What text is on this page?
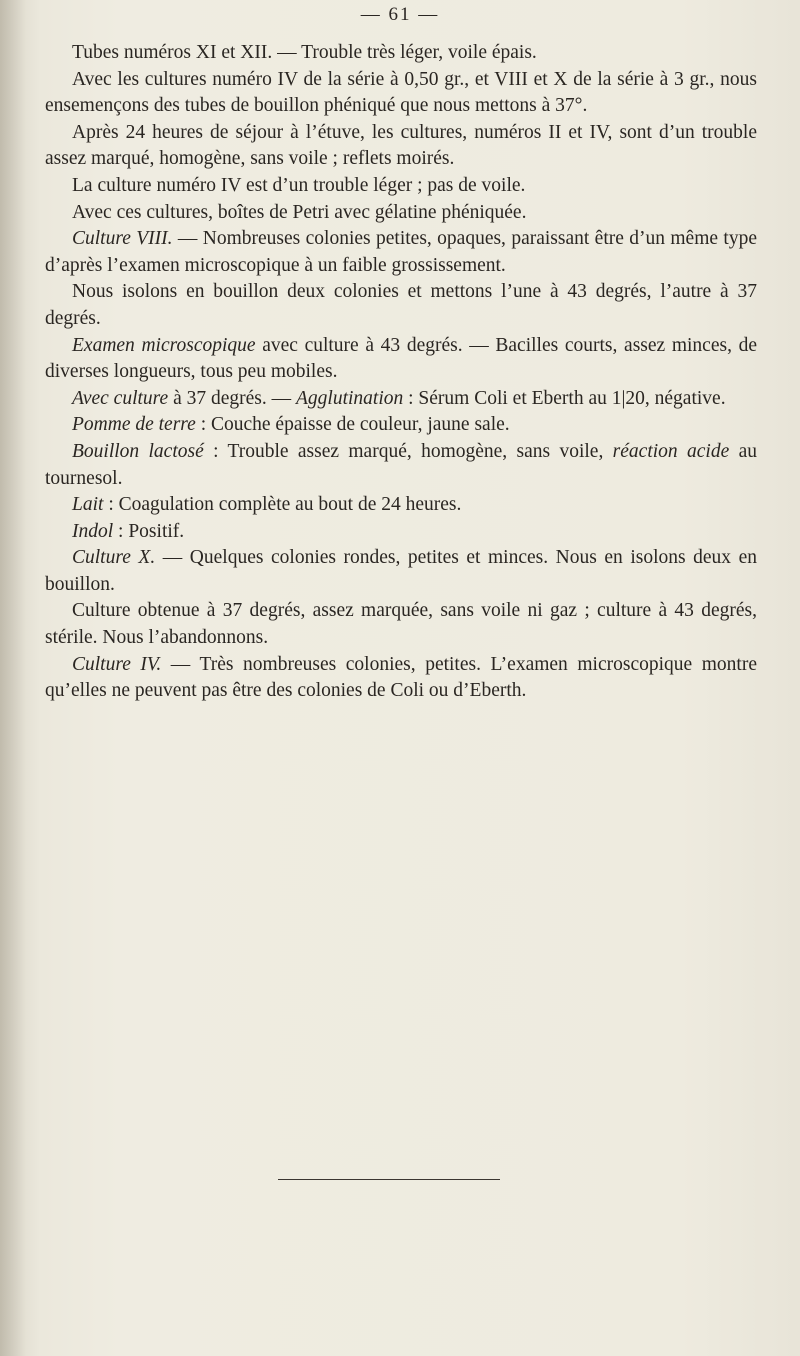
— 61 —

Tubes numéros XI et XII. — Trouble très léger, voile épais.

Avec les cultures numéro IV de la série à 0,50 gr., et VIII et X de la série à 3 gr., nous ensemençons des tubes de bouillon phéniqué que nous mettons à 37°.

Après 24 heures de séjour à l’étuve, les cultures, numéros II et IV, sont d’un trouble assez marqué, homogène, sans voile ; reflets moirés.

La culture numéro IV est d’un trouble léger ; pas de voile.

Avec ces cultures, boîtes de Petri avec gélatine phéniquée.

Culture VIII. — Nombreuses colonies petites, opaques, paraissant être d’un même type d’après l’examen microscopique à un faible grossissement.

Nous isolons en bouillon deux colonies et mettons l’une à 43 degrés, l’autre à 37 degrés.

Examen microscopique avec culture à 43 degrés. — Bacilles courts, assez minces, de diverses longueurs, tous peu mobiles.

Avec culture à 37 degrés. — Agglutination : Sérum Coli et Eberth au 1|20, négative.

Pomme de terre : Couche épaisse de couleur, jaune sale.

Bouillon lactosé : Trouble assez marqué, homogène, sans voile, réaction acide au tournesol.

Lait : Coagulation complète au bout de 24 heures.

Indol : Positif.

Culture X. — Quelques colonies rondes, petites et minces. Nous en isolons deux en bouillon.

Culture obtenue à 37 degrés, assez marquée, sans voile ni gaz ; culture à 43 degrés, stérile. Nous l’abandonnons.

Culture IV. — Très nombreuses colonies, petites. L’examen microscopique montre qu’elles ne peuvent pas être des colonies de Coli ou d’Eberth.
